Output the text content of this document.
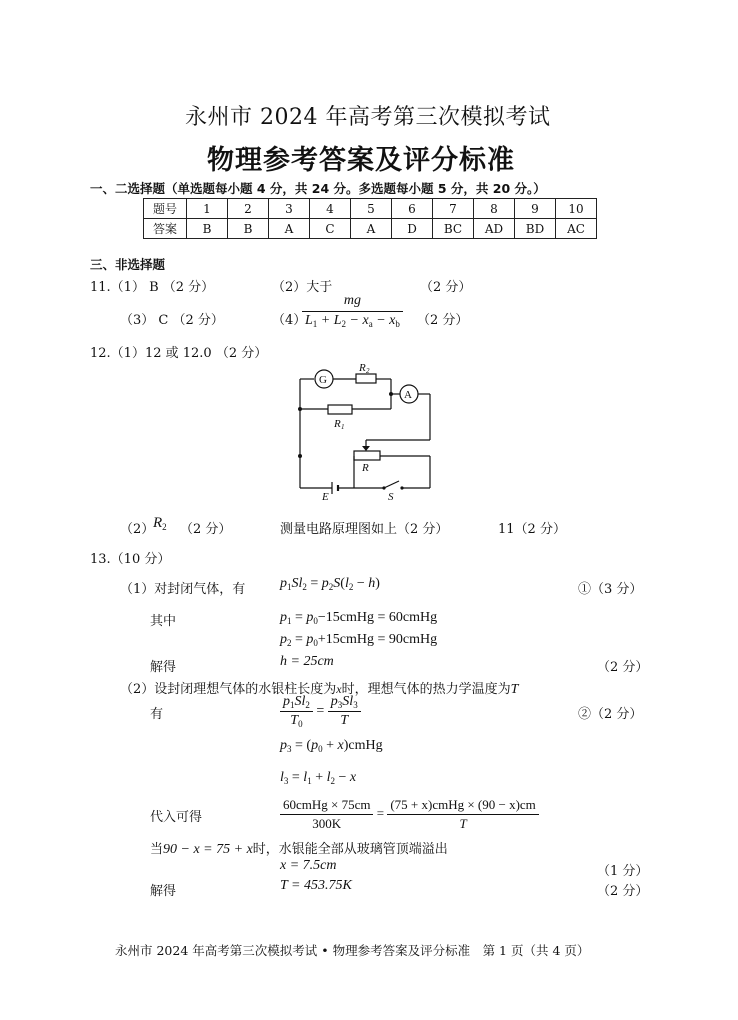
永州市 2024 年高考第三次模拟考试
物理参考答案及评分标准
一、二选择题（单选题每小题 4 分，共 24 分。多选题每小题 5 分，共 20 分。）
题号	1	2	3	4	5	6	7	8	9	10
答案	B	B	A	C	A	D	BC	AD	BD	AC
三、非选择题
11.（1） B （2 分）	（2）大于	（2 分）
（3） C （2 分）	（4）
$\frac{mg}{L_1 + L_2 - x_a - x_b} (2$ 分）
12.（1）12 或 12.0 （2 分）
G
A
R 2
R 1
R
E	S
（2）
$R_2$ （2 分）	测量电路原理图如上（2 分）	11（2 分）
13.（10 分）
（1）对封闭气体，有 $p_1Sl_2 = p_2S(l_2 - h)$	①（3 分）
其中	$p_1$ = $p_0-15cmHg$ = 60cmHg
$p_2$ = $p_0+15cmHg$ = 90cmHg
解得	h = 25cm	（2 分）
（2）设封闭理想气体的水银柱长度为x时，理想气体的热力学温度为T
有	$\frac{p_1Sl_2}{T_0} = \frac{p_3Sl_3}{T}$	②（2 分）
$p_3 = (p_0$ + x)cmHg
$l_3 = l_1 + l_2 - x$
代入可得	$\frac{\text{60cmHg × 75cm}}{300K} = \frac{\text{(75 + x)cmHg × (90 − x)cm}}{T}$
当90 − x = 75 + x时，水银能全部从玻璃管顶端溢出
x = 7.5cm	（1 分）
解得	T = 453.75K	（2 分）
永州市 2024 年高考第三次模拟考试 • 物理参考答案及评分标准　第 1 页（共 4 页）
